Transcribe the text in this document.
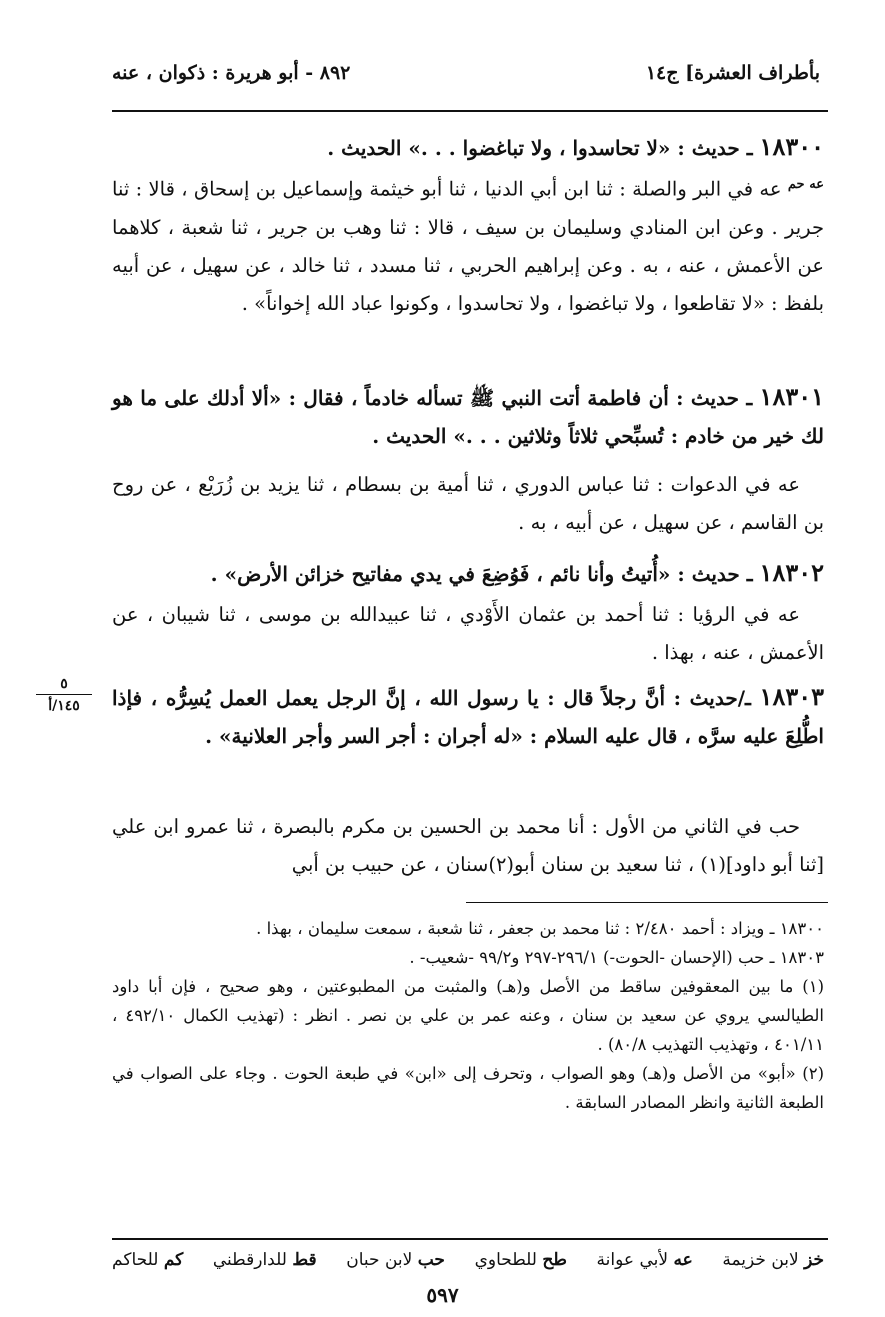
بأطراف العشرة] ج١٤
٨٩٢ - أبو هريرة : ذكوان ، عنه
١٨٣٠٠ ـ حديث : «لا تحاسدوا ، ولا تباغضوا . . .» الحديث .
$^{عه حم}$ عه في البر والصلة : ثنا ابن أبي الدنيا ، ثنا أبو خيثمة وإسماعيل بن إسحاق ، قالا : ثنا جرير . وعن ابن المنادي وسليمان بن سيف ، قالا : ثنا وهب بن جرير ، ثنا شعبة ، كلاهما عن الأعمش ، عنه ، به . وعن إبراهيم الحربي ، ثنا مسدد ، ثنا خالد ، عن سهيل ، عن أبيه بلفظ : «لا تقاطعوا ، ولا تباغضوا ، ولا تحاسدوا ، وكونوا عباد الله إخواناً» .
١٨٣٠١ ـ حديث : أن فاطمة أتت النبي ﷺ تسأله خادماً ، فقال : «ألا أدلك على ما هو لك خير من خادم : تُسبِّحي ثلاثاً وثلاثين . . .» الحديث .
عه في الدعوات : ثنا عباس الدوري ، ثنا أمية بن بسطام ، ثنا يزيد بن زُرَيْع ، عن روح بن القاسم ، عن سهيل ، عن أبيه ، به .
١٨٣٠٢ ـ حديث : «أُتيتُ وأنا نائم ، فَوُضِعَ في يدي مفاتيح خزائن الأرض» .
عه في الرؤيا : ثنا أحمد بن عثمان الأَوْدي ، ثنا عبيدالله بن موسى ، ثنا شيبان ، عن الأعمش ، عنه ، بهذا .
١٨٣٠٣ ـ/حديث : أنَّ رجلاً قال : يا رسول الله ، إنَّ الرجل يعمل العمل يُسِرُّه ، فإذا اطُّلِعَ عليه سرَّه ، قال عليه السلام : «له أجران : أجر السر وأجر العلانية» .
حب في الثاني من الأول : أنا محمد بن الحسين بن مكرم بالبصرة ، ثنا عمرو ابن علي [ثنا أبو داود](١) ، ثنا سعيد بن سنان أبو(٢)سنان ، عن حبيب بن أبي
٥
١٤٥/أ

١٨٣٠٠ ـ ويزاد : أحمد ٢/٤٨٠ : ثنا محمد بن جعفر ، ثنا شعبة ، سمعت سليمان ، بهذا .

١٨٣٠٣ ـ حب (الإحسان -الحوت-) ٢٩٦/١-٢٩٧ و٩٩/٢ -شعيب- .

(١) ما بين المعقوفين ساقط من الأصل و(هـ) والمثبت من المطبوعتين ، وهو صحيح ، فإن أبا داود الطيالسي يروي عن سعيد بن سنان ، وعنه عمر بن علي بن نصر . انظر : (تهذيب الكمال ٤٩٢/١٠ ، ٤٠١/١١ ، وتهذيب التهذيب ٨٠/٨) .

(٢) «أبو» من الأصل و(هـ) وهو الصواب ، وتحرف إلى «ابن» في طبعة الحوت . وجاء على الصواب في الطبعة الثانية وانظر المصادر السابقة .

خز لابن خزيمة
عه لأبي عوانة
طح للطحاوي
حب لابن حبان
قط للدارقطني
كم للحاكم
٥٩٧
